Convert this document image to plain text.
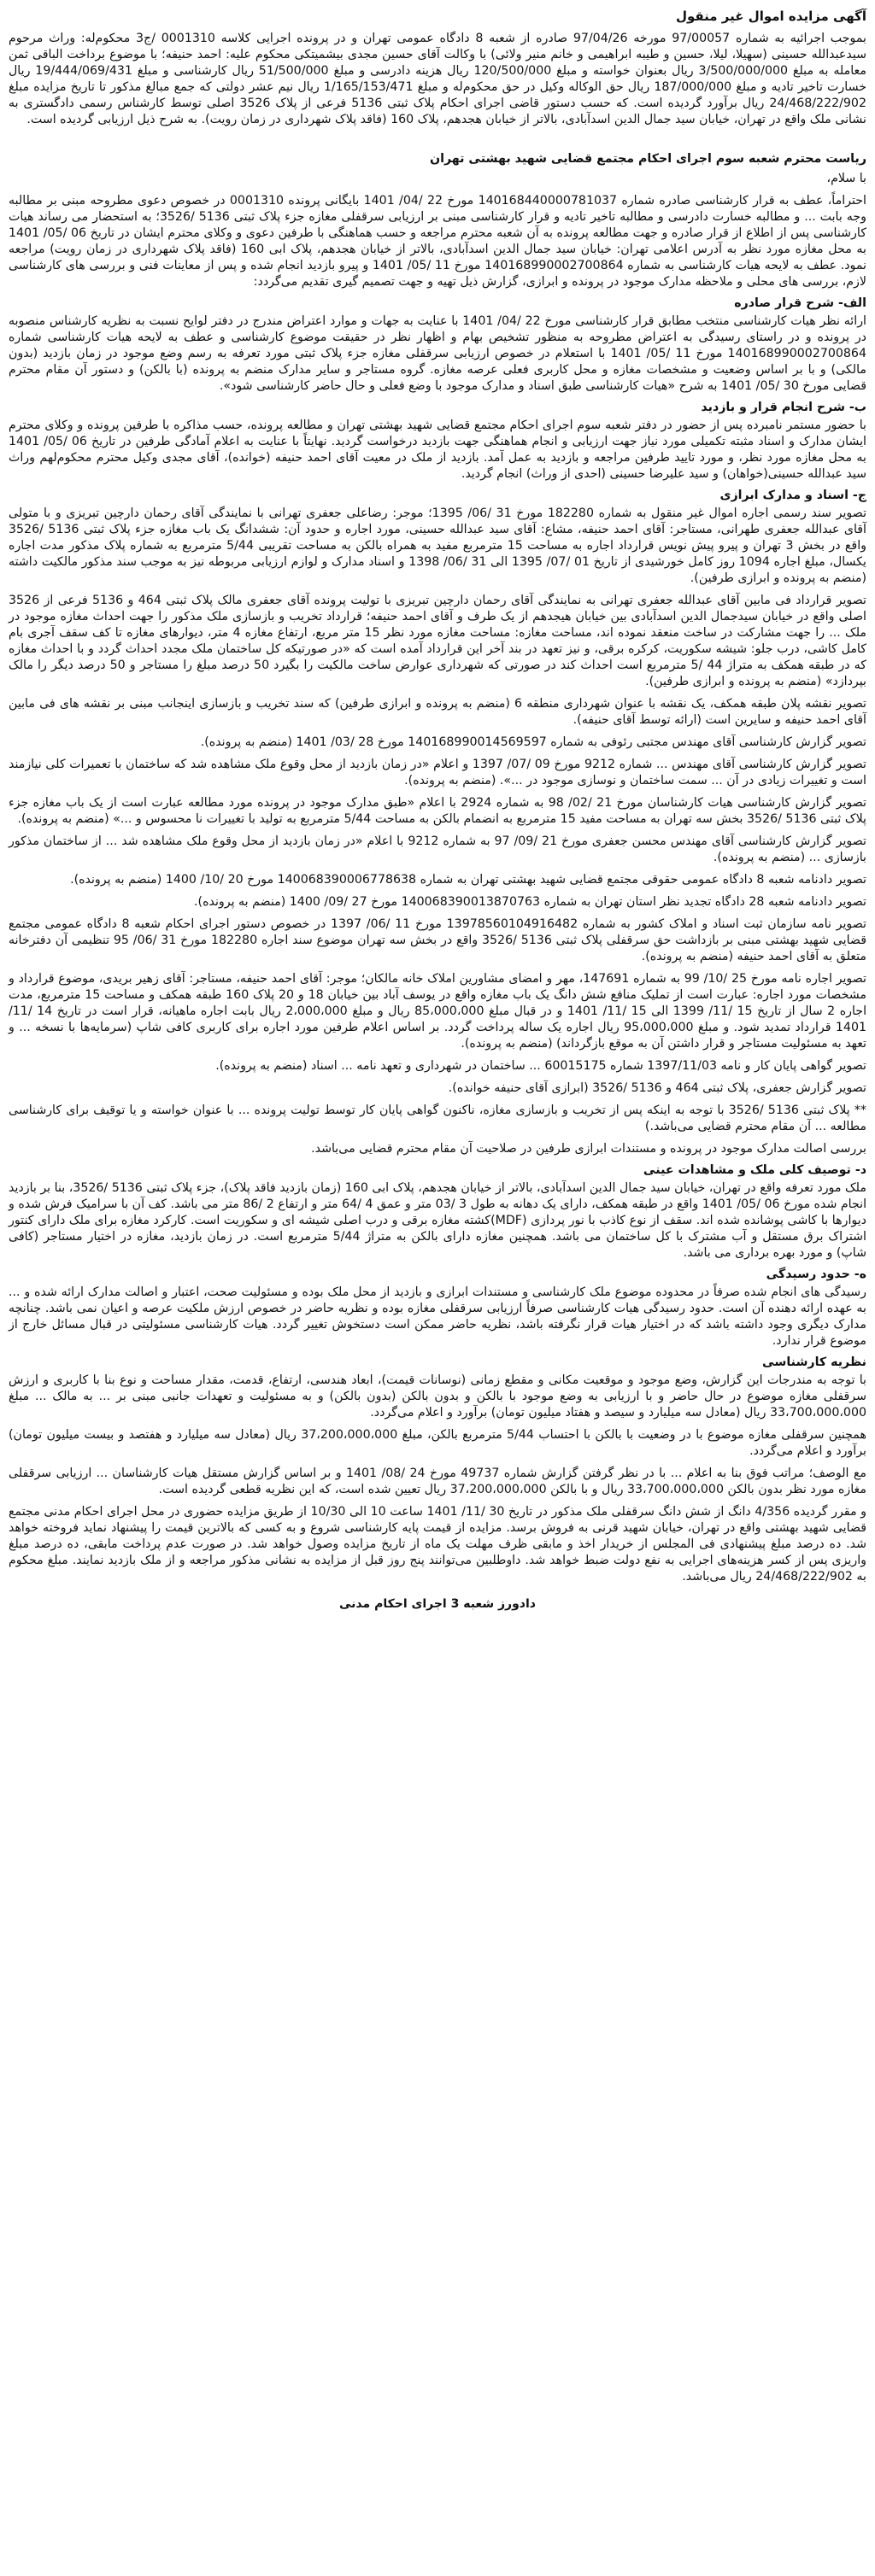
آگهی مزایده اموال غیر منقول

بموجب اجرائیه به شماره 97/00057 مورخه 97/04/26 صادره از شعبه 8 دادگاه عمومی تهران و در پرونده اجرایی کلاسه 0001310 /ج3 محکوم‌له: وراث مرحوم سید‌عبدالله حسینی (سهیلا، لیلا، حسین و طیبه ابراهیمی و خانم منیر ولائی) با وکالت آقای حسین مجدی بیشمیتکی محکوم علیه: احمد حنیفه؛ با موضوع برداخت الباقی ثمن معامله به مبلغ 3/500/000/000 ریال بعنوان خواسته و مبلغ 120/500/000 ریال هزینه دادرسی و مبلغ 51/500/000 ریال کارشناسی و مبلغ 19/444/069/431 ریال خسارت تاخیر تادیه و مبلغ 187/000/000 ریال حق الوکاله وکیل در حق محکوم‌له و مبلغ 1/165/153/471 ریال نیم عشر دولتی که جمع مبالغ مذکور تا تاریخ مزایده مبلغ 24/468/222/902 ریال برآورد گردیده است. که حسب دستور قاضی اجرای احکام پلاک ثبتی 5136 فرعی از پلاک 3526 اصلی توسط کارشناس رسمی دادگستری به نشانی ملک واقع در تهران، خیابان سید جمال الدین اسدآبادی، بالاتر از خیابان هجدهم، پلاک 160 (فاقد پلاک شهرداری در زمان رویت). به شرح ذیل ارزیابی گردیده است.

ریاست محترم شعبه سوم اجرای احکام مجتمع قضایی شهید بهشتی تهران

با سلام،

احتراماً، عطف به قرار کارشناسی صادره شماره 140168440000781037 مورخ 22 /04/ 1401 بایگانی پرونده 0001310 در خصوص دعوی مطروحه مبنی بر مطالبه وجه بابت ... و مطالبه خسارت دادرسی و مطالبه تاخیر تادیه و قرار کارشناسی مبنی بر ارزیابی سرقفلی مغازه جزء پلاک ثبتی 5136 /3526؛ به استحضار می رساند هیات کارشناسی پس از اطلاع از قرار صادره و جهت مطالعه پرونده به آن شعبه محترم مراجعه و حسب هماهنگی با طرفین دعوی و وکلای محترم ایشان در تاریخ 06 /05/ 1401 به محل مغازه مورد نظر به آدرس اعلامی تهران: خیابان سید جمال الدین اسدآبادی، بالاتر از خیابان هجدهم، پلاک ابی 160 (فاقد پلاک شهرداری در زمان رویت) مراجعه نمود. عطف به لایحه هیات کارشناسی به شماره 140168990002700864 مورخ 11 /05/ 1401 و پیرو بازدید انجام شده و پس از معاینات فنی و بررسی های کارشناسی لازم، بررسی های محلی و ملاحظه مدارک موجود در پرونده و ابرازی، گزارش ذیل تهیه و جهت تصمیم گیری تقدیم می‌گردد:

الف- شرح قرار صادره

ارائه نظر هیات کارشناسی منتخب مطابق قرار کارشناسی مورخ 22 /04/ 1401 با عنایت به جهات و موارد اعتراض مندرج در دفتر لوایح نسبت به نظریه کارشناس منصوبه در پرونده و در راستای رسیدگی به اعتراض مطروحه به منظور تشخیص بهام و اظهار نظر در حقیقت موضوع کارشناسی و عطف به لایحه هیات کارشناسی شماره 140168990002700864 مورخ 11 /05/ 1401 با استعلام در خصوص ارزیابی سرقفلی مغازه جزء پلاک ثبتی مورد تعرفه به رسم وضع موجود در زمان بازدید (بدون مالکی) و با بر اساس وضعیت و مشخصات مغازه و محل کاربری فعلی عرصه مغازه. گروه مستاجر و سایر مدارک منضم به پرونده (با بالکن) و دستور آن مقام محترم قضایی مورخ 30 /05/ 1401 به شرح «هیات کارشناسی طبق اسناد و مدارک موجود با وضع فعلی و حال حاضر کارشناسی شود».

ب- شرح انجام قرار و بازدید

با حضور مستمر نامبرده پس از حضور در دفتر شعبه سوم اجرای احکام مجتمع قضایی شهید بهشتی تهران و مطالعه پرونده، حسب مذاکره با طرفین پرونده و وکلای محترم ایشان مدارک و اسناد مثبته تکمیلی مورد نیاز جهت ارزیابی و انجام هماهنگی جهت بازدید درخواست گردید. نهایتاً با عنایت به اعلام آمادگی طرفین در تاریخ 06 /05/ 1401 به محل مغازه مورد نظر، و مورد تایید طرفین مراجعه و بازدید به عمل آمد. بازدید از ملک در معیت آقای احمد حنیفه (خوانده)، آقای مجدی وکیل محترم محکوم‌لهم وراث سید عبدالله حسینی(خواهان) و سید علیرضا حسینی (احدی از وراث) انجام گردید.

ج- اسناد و مدارک ابرازی

تصویر سند رسمی اجاره اموال غیر منقول به شماره 182280 مورخ 31 /06/ 1395؛ موجر: رضاعلی جعفری تهرانی با نمایندگی آقای رحمان دارچین تبریزی و با متولی آقای عبدالله جعفری طهرانی، مستاجر: آقای احمد حنیفه، مشاع: آقای سید عبدالله حسینی، مورد اجاره و حدود آن: ششدانگ یک باب مغازه جزء پلاک ثبتی 5136 /3526 واقع در بخش 3 تهران و پیرو پیش نویس قرارداد اجاره به مساحت 15 مترمربع مفید به همراه بالکن به مساحت تقریبی 5/44 مترمربع به شماره پلاک مذکور مدت اجاره یکسال، مبلغ اجاره 1094 روز کامل خورشیدی از تاریخ 01 /07/ 1395 الی 31 /06/ 1398 و اسناد مدارک و لوازم ارزیابی مربوطه نیز به موجب سند مذکور مالکیت داشته (منضم به پرونده و ابرازی طرفین).

تصویر قرارداد فی مابین آقای عبدالله جعفری تهرانی به نمایندگی آقای رحمان دارچین تبریزی با تولیت پرونده آقای جعفری مالک پلاک ثبتی 464 و 5136 فرعی از 3526 اصلی واقع در خیابان سیدجمال الدین اسدآبادی بین خیابان هیجدهم از یک طرف و آقای احمد حنیفه؛ قرارداد تخریب و بازسازی ملک مذکور را جهت احداث مغازه موجود در ملک ... را جهت مشارکت در ساخت منعقد نموده اند، مساحت مغازه: مساحت مغازه مورد نظر 15 متر مربع، ارتفاع مغازه 4 متر، دیوارهای مغازه تا کف سقف آجری بام کامل کاشی، درب جلو: شیشه سکوریت، کرکره برقی، و نیز تعهد در بند آخر این قرارداد آمده است که «در صورتیکه کل ساختمان ملک مجدد احداث گردد و با احداث مغازه که در طبقه همکف به متراژ 44 /5 مترمربع است احداث کند در صورتی که شهرداری عوارض ساخت مالکیت را بگیرد 50 درصد مبلغ را مستاجر و 50 درصد دیگر را مالک بپردازد» (منضم به پرونده و ابرازی طرفین).

تصویر نقشه پلان طبقه همکف، یک نقشه با عنوان شهرداری منطقه 6 (منضم به پرونده و ابرازی طرفین) که سند تخریب و بازسازی اینجانب مبنی بر نقشه های فی مابین آقای احمد حنیفه و سایرین است (ارائه توسط آقای حنیفه).

تصویر گزارش کارشناسی آقای مهندس مجتبی رئوفی به شماره 140168990014569597 مورخ 28 /03/ 1401 (منضم به پرونده).

تصویر گزارش کارشناسی آقای مهندس ... شماره 9212 مورخ 09 /07/ 1397 و اعلام «در زمان بازدید از محل وقوع ملک مشاهده شد که ساختمان با تعمیرات کلی نیازمند است و تغییرات زیادی در آن ... سمت ساختمان و نوسازی موجود در ...». (منضم به پرونده).

تصویر گزارش کارشناسی هیات کارشناسان مورخ 21 /02/ 98 به شماره 2924 با اعلام «طبق مدارک موجود در پرونده مورد مطالعه عبارت است از یک باب مغازه جزء پلاک ثبتی 5136 /3526 بخش سه تهران به مساحت مفید 15 مترمربع به انضمام بالکن به مساحت 5/44 مترمربع به تولید با تغییرات نا محسوس و ...» (منضم به پرونده).

تصویر گزارش کارشناسی آقای مهندس محسن جعفری مورخ 21 /09/ 97 به شماره 9212 با اعلام «در زمان بازدید از محل وقوع ملک مشاهده شد ... از ساختمان مذکور بازسازی ... (منضم به پرونده).

تصویر دادنامه شعبه 8 دادگاه عمومی حقوقی مجتمع قضایی شهید بهشتی تهران به شماره 140068390006778638 مورخ 20 /10/ 1400 (منضم به پرونده).

تصویر دادنامه شعبه 28 دادگاه تجدید نظر استان تهران به شماره 140068390013870763 مورخ 27 /09/ 1400 (منضم به پرونده).

تصویر نامه سازمان ثبت اسناد و املاک کشور به شماره 13978560104916482 مورخ 11 /06/ 1397 در خصوص دستور اجرای احکام شعبه 8 دادگاه عمومی مجتمع قضایی شهید بهشتی مبنی بر بازداشت حق سرقفلی پلاک ثبتی 5136 /3526 واقع در بخش سه تهران موضوع سند اجاره 182280 مورخ 31 /06/ 95 تنظیمی آن دفترخانه متعلق به آقای احمد حنیفه (منضم به پرونده).

تصویر اجاره نامه مورخ 25 /10/ 99 به شماره 147691، مهر و امضای مشاورین املاک خانه مالکان؛ موجر: آقای احمد حنیفه، مستاجر: آقای زهیر بریدی، موضوع قرارداد و مشخصات مورد اجاره: عبارت است از تملیک منافع شش دانگ یک باب مغازه واقع در یوسف آباد بین خیابان 18 و 20 پلاک 160 طبقه همکف و مساحت 15 مترمربع، مدت اجاره 2 سال از تاریخ 15 /11/ 1399 الی 15 /11/ 1401 و در قبال مبلغ 85،000،000 ریال و مبلغ 2،000،000 ریال بابت اجاره ماهیانه، قرار است در تاریخ 14 /11/ 1401 قرارداد تمدید شود. و مبلغ 95،000،000 ریال اجاره یک ساله پرداخت گردد. بر اساس اعلام طرفین مورد اجاره برای کاربری کافی شاپ (سرمایه‌ها با نسخه ... و تعهد به مسئولیت مستاجر و قرار داشتن آن به موقع بازگرداند) (منضم به پرونده).

تصویر گواهی پایان کار و نامه 1397/11/03 شماره 60015175 ... ساختمان در شهرداری و تعهد نامه ... اسناد (منضم به پرونده).

تصویر گزارش جعفری، پلاک ثبتی 464 و 5136 /3526 (ابرازی آقای حنیفه خوانده).

** پلاک ثبتی 5136 /3526 با توجه به اینکه پس از تخریب و بازسازی مغازه، ناکنون گواهی پایان کار توسط تولیت پرونده ... با عنوان خواسته و یا توقیف برای کارشناسی مطالعه ... آن مقام محترم قضایی می‌باشد.)

بررسی اصالت مدارک موجود در پرونده و مستندات ابرازی طرفین در صلاحیت آن مقام محترم قضایی می‌باشد.

د- توصیف کلی ملک و مشاهدات عینی

ملک مورد تعرفه واقع در تهران، خیابان سید جمال الدین اسدآبادی، بالاتر از خیابان هجدهم، پلاک ابی 160 (زمان بازدید فاقد پلاک)، جزء پلاک ثبتی 5136 /3526، بنا بر بازدید انجام شده مورخ 06 /05/ 1401 واقع در طبقه همکف، دارای یک دهانه به طول 3 /03 متر و عمق 4 /64 متر و ارتفاع 2 /86 متر می باشد. کف آن با سرامیک فرش شده و دیوارها با کاشی پوشانده شده اند. سقف از نوع کاذب با نور پردازی (MDF)کشته مغازه برقی و درب اصلی شیشه ای و سکوریت است. کارکرد مغازه برای ملک دارای کنتور اشتراک برق مستقل و آب مشترک با کل ساختمان می باشد. همچنین مغازه دارای بالکن به متراژ 5/44 مترمربع است. در زمان بازدید، مغازه در اختیار مستاجر (کافی شاپ) و مورد بهره برداری می باشد.

ه- حدود رسیدگی

رسیدگی های انجام شده صرفاً در محدوده موضوع ملک کارشناسی و مستندات ابرازی و بازدید از محل ملک بوده و مسئولیت صحت، اعتبار و اصالت مدارک ارائه شده و ... به عهده ارائه دهنده آن است. حدود رسیدگی هیات کارشناسی صرفاً ارزیابی سرقفلی مغازه بوده و نظریه حاضر در خصوص ارزش ملکیت عرصه و اعیان نمی باشد. چنانچه مدارک دیگری وجود داشته باشد که در اختیار هیات قرار نگرفته باشد، نظریه حاضر ممکن است دستخوش تغییر گردد. هیات کارشناسی مسئولیتی در قبال مسائل خارج از موضوع قرار ندارد.

نظریه کارشناسی

با توجه به مندرجات این گزارش، وضع موجود و موقعیت مکانی و مقطع زمانی (نوسانات قیمت)، ابعاد هندسی، ارتفاع، قدمت، مقدار مساحت و نوع بنا با کاربری و ارزش سرقفلی مغازه موضوع در حال حاضر و با ارزیابی به وضع موجود با بالکن و بدون بالکن (بدون بالکن) و به مسئولیت و تعهدات جانبی مبنی بر ... به مالک ... مبلغ 33،700،000،000 ریال (معادل سه میلیارد و سیصد و هفتاد میلیون تومان) برآورد و اعلام می‌گردد.

همچنین سرقفلی مغازه موضوع با در وضعیت با بالکن با احتساب 5/44 مترمربع بالکن، مبلغ 37،200،000،000 ریال (معادل سه میلیارد و هفتصد و بیست میلیون تومان) برآورد و اعلام می‌گردد.

مع الوصف؛ مراتب فوق بنا به اعلام ... با در نظر گرفتن گزارش شماره 49737 مورخ 24 /08/ 1401 و بر اساس گزارش مستقل هیات کارشناسان ... ارزیابی سرقفلی مغازه مورد نظر بدون بالکن 33،700،000،000 ریال و با بالکن 37،200،000،000 ریال تعیین شده است، که این نظریه قطعی گردیده است.

و مقرر گردیده 4/356 دانگ از شش دانگ سرقفلی ملک مذکور در تاریخ 30 /11/ 1401 ساعت 10 الی 10/30 از طریق مزایده حضوری در محل اجرای احکام مدنی مجتمع قضایی شهید بهشتی واقع در تهران، خیابان شهید قرنی به فروش برسد. مزایده از قیمت پایه کارشناسی شروع و به کسی که بالاترین قیمت را پیشنهاد نماید فروخته خواهد شد. ده درصد مبلغ پیشنهادی فی المجلس از خریدار اخذ و مابقی ظرف مهلت یک ماه از تاریخ مزایده وصول خواهد شد. در صورت عدم پرداخت مابقی، ده درصد مبلغ واریزی پس از کسر هزینه‌های اجرایی به نفع دولت ضبط خواهد شد. داوطلبین می‌توانند پنج روز قبل از مزایده به نشانی مذکور مراجعه و از ملک بازدید نمایند. مبلغ محکوم به 24/468/222/902 ریال می‌باشد.

دادورز شعبه 3 اجرای احکام مدنی
